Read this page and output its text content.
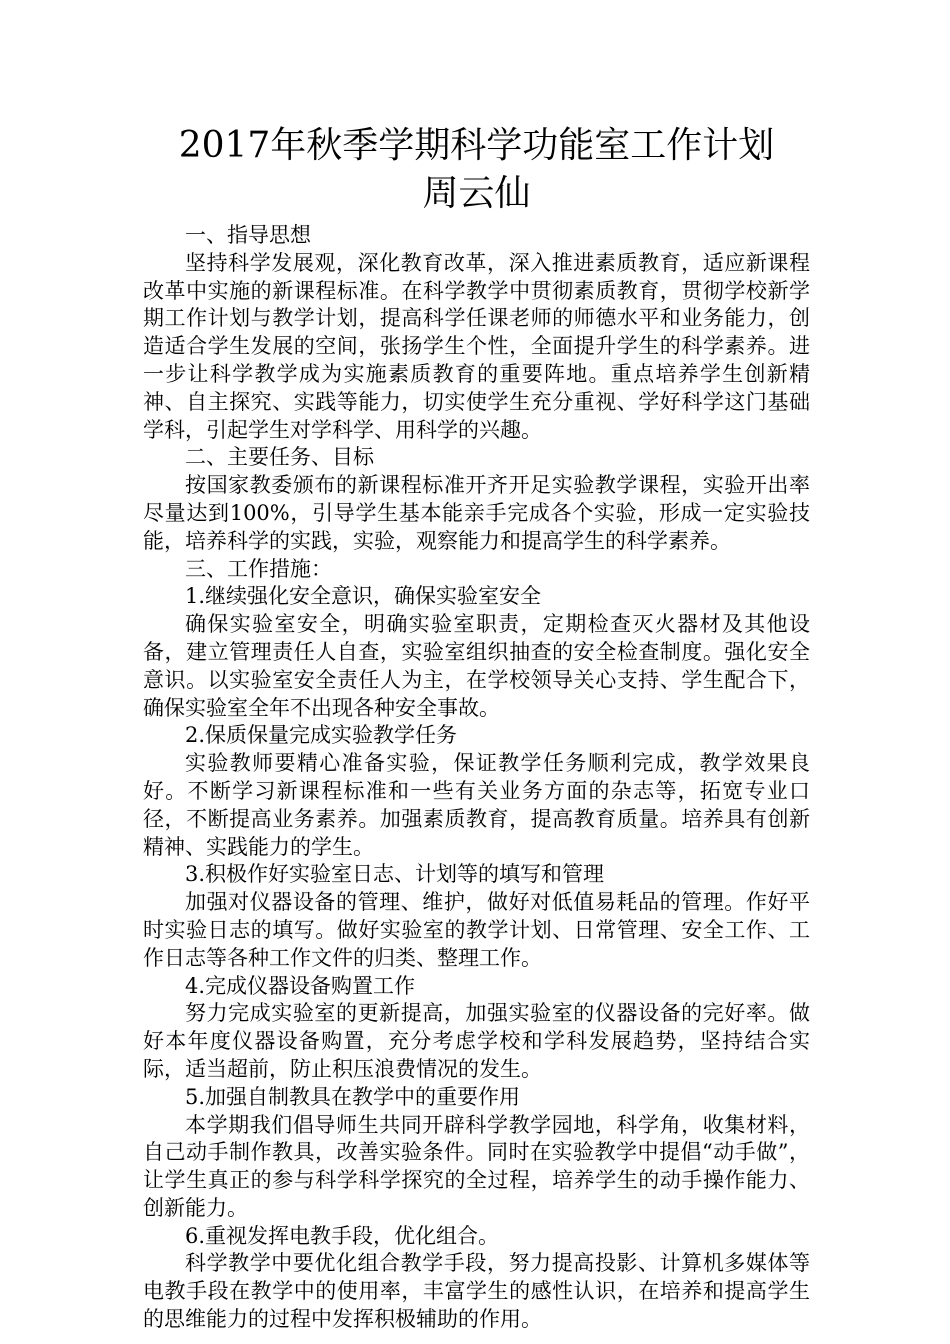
2017年秋季学期科学功能室工作计划
周云仙

一、指导思想

坚持科学发展观，深化教育改革，深入推进素质教育，适应新课程改革中实施的新课程标准。在科学教学中贯彻素质教育，贯彻学校新学期工作计划与教学计划，提高科学任课老师的师德水平和业务能力，创造适合学生发展的空间，张扬学生个性，全面提升学生的科学素养。进一步让科学教学成为实施素质教育的重要阵地。重点培养学生创新精神、自主探究、实践等能力，切实使学生充分重视、学好科学这门基础学科，引起学生对学科学、用科学的兴趣。

二、主要任务、目标

按国家教委颁布的新课程标准开齐开足实验教学课程，实验开出率尽量达到100%，引导学生基本能亲手完成各个实验，形成一定实验技能，培养科学的实践，实验，观察能力和提高学生的科学素养。

三、工作措施：

1.继续强化安全意识，确保实验室安全

确保实验室安全，明确实验室职责，定期检查灭火器材及其他设备，建立管理责任人自查，实验室组织抽查的安全检查制度。强化安全意识。以实验室安全责任人为主，在学校领导关心支持、学生配合下，确保实验室全年不出现各种安全事故。

2.保质保量完成实验教学任务

实验教师要精心准备实验，保证教学任务顺利完成，教学效果良好。不断学习新课程标准和一些有关业务方面的杂志等，拓宽专业口径，不断提高业务素养。加强素质教育，提高教育质量。培养具有创新精神、实践能力的学生。

3.积极作好实验室日志、计划等的填写和管理

加强对仪器设备的管理、维护，做好对低值易耗品的管理。作好平时实验日志的填写。做好实验室的教学计划、日常管理、安全工作、工作日志等各种工作文件的归类、整理工作。

4.完成仪器设备购置工作

努力完成实验室的更新提高，加强实验室的仪器设备的完好率。做好本年度仪器设备购置，充分考虑学校和学科发展趋势，坚持结合实际，适当超前，防止积压浪费情况的发生。

5.加强自制教具在教学中的重要作用

本学期我们倡导师生共同开辟科学教学园地，科学角，收集材料，自己动手制作教具，改善实验条件。同时在实验教学中提倡“动手做”，让学生真正的参与科学科学探究的全过程，培养学生的动手操作能力、创新能力。

6.重视发挥电教手段，优化组合。

科学教学中要优化组合教学手段，努力提高投影、计算机多媒体等电教手段在教学中的使用率，丰富学生的感性认识，在培养和提高学生的思维能力的过程中发挥积极辅助的作用。
